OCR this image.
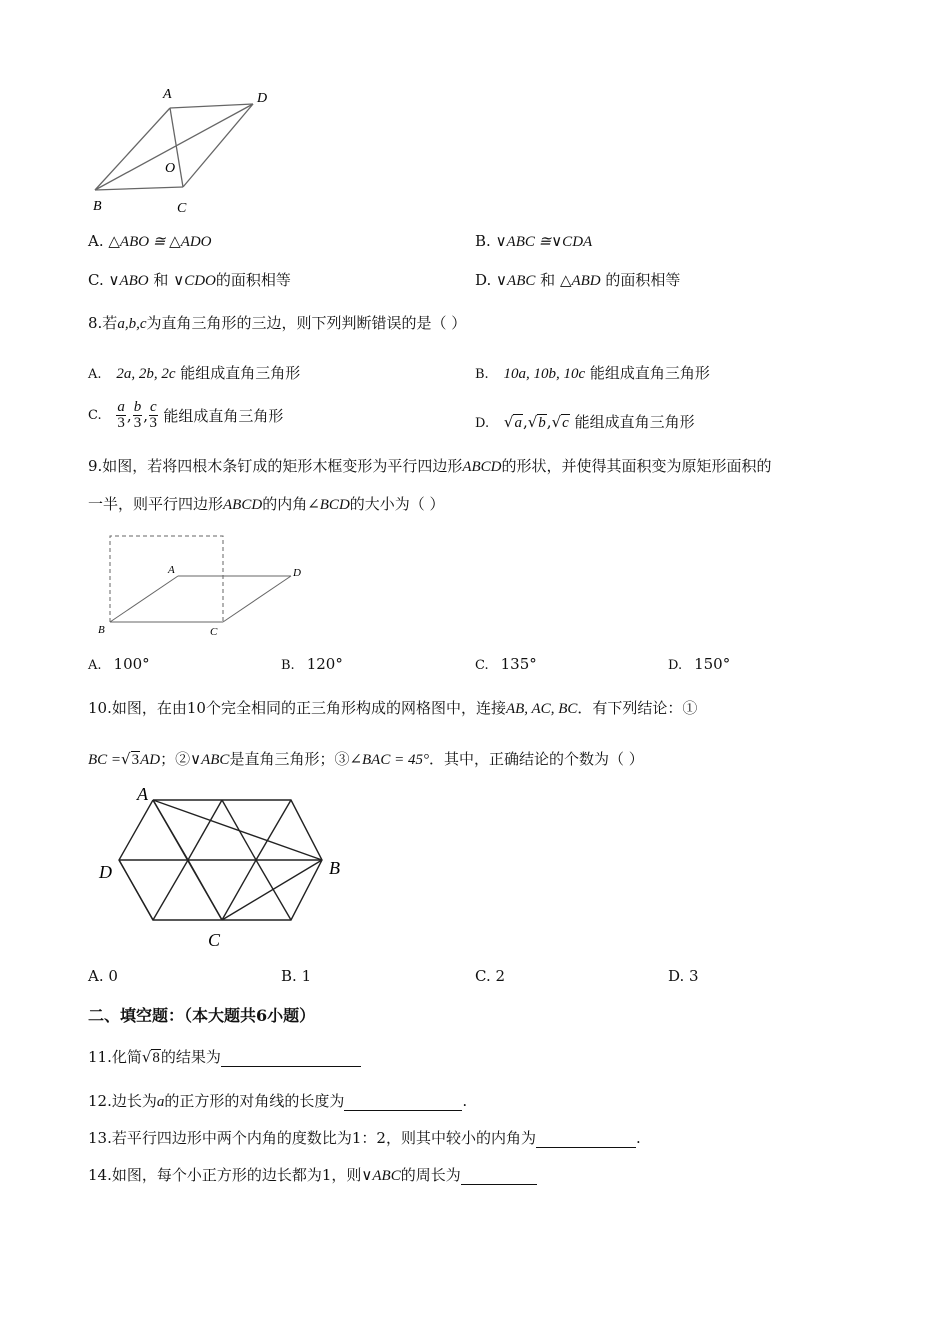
A	D
O
B	C
A. △ABO ≅ △ADO	B. ∨ABC ≅∨CDA
C. ∨ABO 和 ∨CDO的面积相等	D. ∨ABC 和 △ABD 的面积相等
8.若a,b,c为直角三角形的三边，则下列判断错误的是（ ）
A. 2a, 2b, 2c 能组成直角三角形	B. 10a, 10b, 10c 能组成直角三角形
C. $\frac{a}{3}$ , $\frac{b}{3}$ , $\frac{c}{3}$ 能组成直角三角形	D. √a,√b,√c 能组成直角三角形
9.如图，若将四根木条钉成的矩形木框变形为平行四边形ABCD的形状，并使得其面积变为原矩形面积的
一半，则平行四边形ABCD的内角∠BCD的大小为（ ）
A	D
B	C
A. 100°	B. 120°	C. 135°	D. 150°
10.如图，在由10个完全相同的正三角形构成的网格图中，连接AB, AC, BC．有下列结论：①
BC =√3AD；②∨ABC是直角三角形；③∠BAC = 45°．其中，正确结论的个数为（ ）
A
B
C
D
A. 0	B. 1	C. 2	D. 3
二、填空题：（本大题共6小题）
11.化简√8的结果为
12.边长为a的正方形的对角线的长度为	.
13.若平行四边形中两个内角的度数比为1：2，则其中较小的内角为	.
14.如图，每个小正方形的边长都为1，则∨ABC的周长为
